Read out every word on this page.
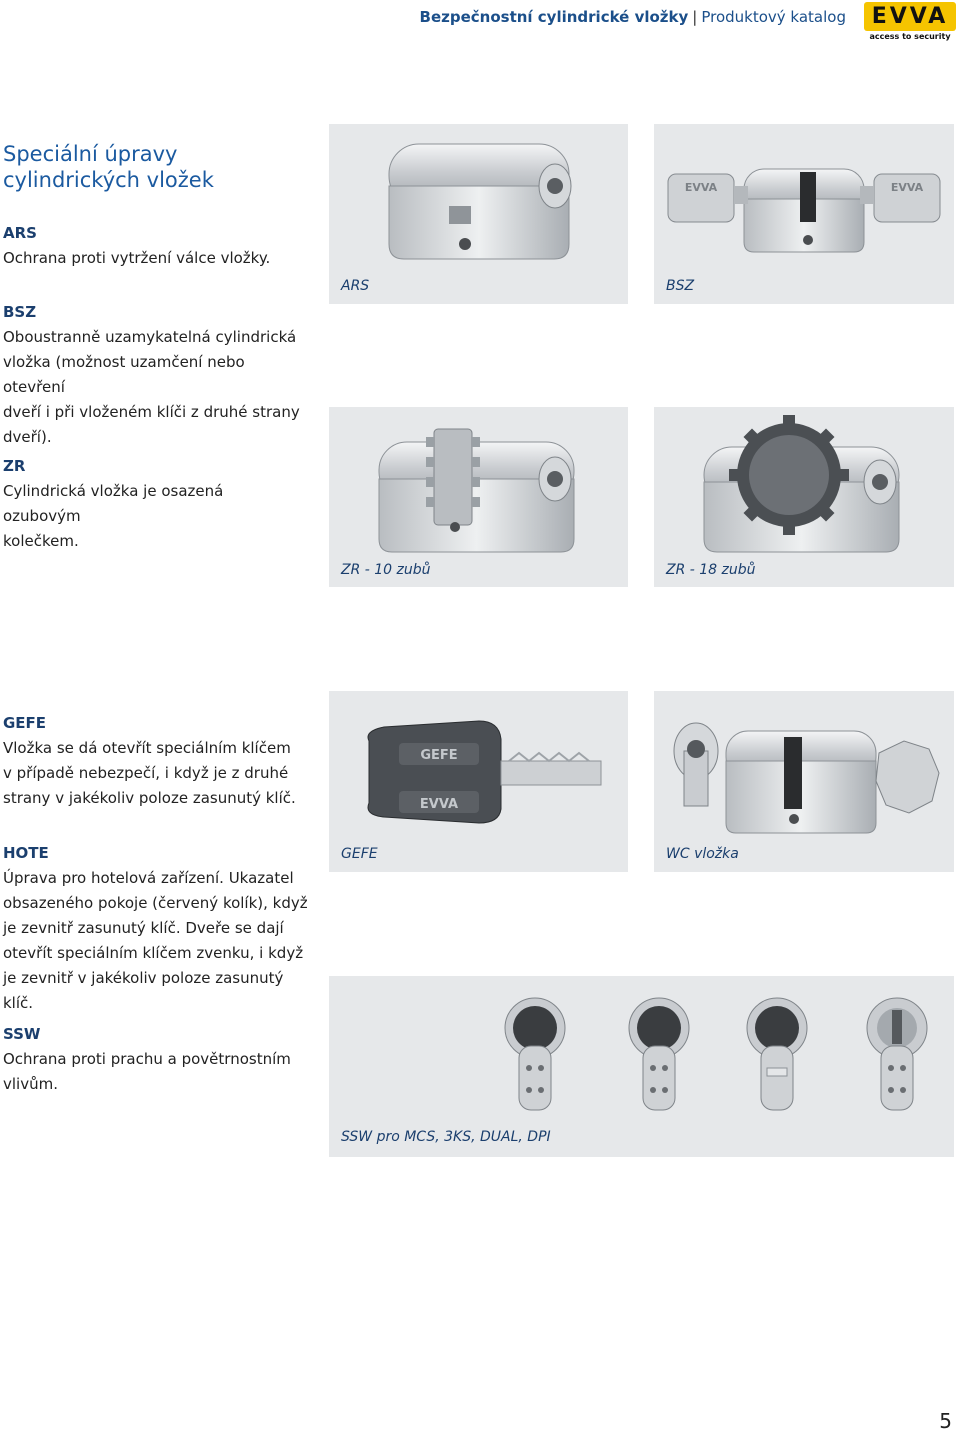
Bezpečnostní cylindrické vložky | Produktový katalog	EVVA
access to security
Speciální úpravy
cylindrických vložek
ARS
Ochrana proti vytržení válce vložky.
BSZ
Oboustranně uzamykatelná cylindrická
vložka (možnost uzamčení nebo otevření
dveří i při vloženém klíči z druhé strany
dveří).
ZR
Cylindrická vložka je osazená ozubovým
kolečkem.
GEFE
Vložka se dá otevřít speciálním klíčem
v případě nebezpečí, i když je z druhé
strany v jakékoliv poloze zasunutý klíč.
HOTE
Úprava pro hotelová zařízení. Ukazatel
obsazeného pokoje (červený kolík), když
je zevnitř zasunutý klíč. Dveře se dají
otevřít speciálním klíčem zvenku, i když
je zevnitř v jakékoliv poloze zasunutý klíč.
SSW
Ochrana proti prachu a povětrnostním
vlivům.
ARS
EVVA	EVVA
BSZ
ZR - 10 zubů	ZR - 18 zubů
GEFE
EVVA
GEFE	WC vložka
SSW pro MCS, 3KS, DUAL, DPI
5
